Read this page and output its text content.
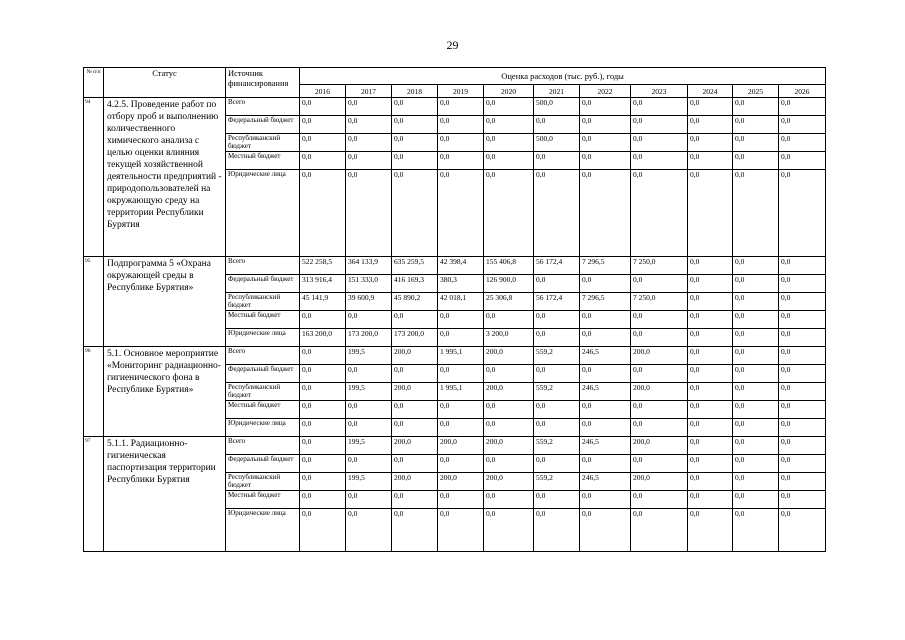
29
№ п/п	Статус	Источник финансирования	Оценка расходов (тыс. руб.), годы										
			2016	2017	2018	2019	2020	2021	2022	2023	2024	2025	2026
94	4.2.5. Проведение работ по отбору проб и выполнению количественного химического анализа с целью оценки влияния текущей хозяйственной деятельности предприятий - природопользователей на окружающую среду на территории Республики Бурятия	Всего	0,0	0,0	0,0	0,0	0,0	500,0	0,0	0,0	0,0	0,0	0,0
		Федеральный бюджет	0,0	0,0	0,0	0,0	0,0	0,0	0,0	0,0	0,0	0,0	0,0
		Республиканский бюджет	0,0	0,0	0,0	0,0	0,0	500,0	0,0	0,0	0,0	0,0	0,0
		Местный бюджет	0,0	0,0	0,0	0,0	0,0	0,0	0,0	0,0	0,0	0,0	0,0
		Юридические лица	0,0	0,0	0,0	0,0	0,0	0,0	0,0	0,0	0,0	0,0	0,0
95	Подпрограмма 5 «Охрана окружающей среды в Республике Бурятия»	Всего	522 258,5	364 133,9	635 259,5	42 398,4	155 406,8	56 172,4	7 296,5	7 250,0	0,0	0,0	0,0
		Федеральный бюджет	313 916,4	151 333,0	416 169,3	380,3	126 900,0	0,0	0,0	0,0	0,0	0,0	0,0
		Республиканский бюджет	45 141,9	39 600,9	45 890,2	42 018,1	25 306,8	56 172,4	7 296,5	7 250,0	0,0	0,0	0,0
		Местный бюджет	0,0	0,0	0,0	0,0	0,0	0,0	0,0	0,0	0,0	0,0	0,0
		Юридические лица	163 200,0	173 200,0	173 200,0	0,0	3 200,0	0,0	0,0	0,0	0,0	0,0	0,0
96	5.1. Основное мероприятие «Мониторинг радиационно-гигиенического фона в Республике Бурятия»	Всего	0,0	199,5	200,0	1 995,1	200,0	559,2	246,5	200,0	0,0	0,0	0,0
		Федеральный бюджет	0,0	0,0	0,0	0,0	0,0	0,0	0,0	0,0	0,0	0,0	0,0
		Республиканский бюджет	0,0	199,5	200,0	1 995,1	200,0	559,2	246,5	200,0	0,0	0,0	0,0
		Местный бюджет	0,0	0,0	0,0	0,0	0,0	0,0	0,0	0,0	0,0	0,0	0,0
		Юридические лица	0,0	0,0	0,0	0,0	0,0	0,0	0,0	0,0	0,0	0,0	0,0
97	5.1.1. Радиационно-гигиеническая паспортизация территории Республики Бурятия	Всего	0,0	199,5	200,0	200,0	200,0	559,2	246,5	200,0	0,0	0,0	0,0
		Федеральный бюджет	0,0	0,0	0,0	0,0	0,0	0,0	0,0	0,0	0,0	0,0	0,0
		Республиканский бюджет	0,0	199,5	200,0	200,0	200,0	559,2	246,5	200,0	0,0	0,0	0,0
		Местный бюджет	0,0	0,0	0,0	0,0	0,0	0,0	0,0	0,0	0,0	0,0	0,0
		Юридические лица	0,0	0,0	0,0	0,0	0,0	0,0	0,0	0,0	0,0	0,0	0,0
